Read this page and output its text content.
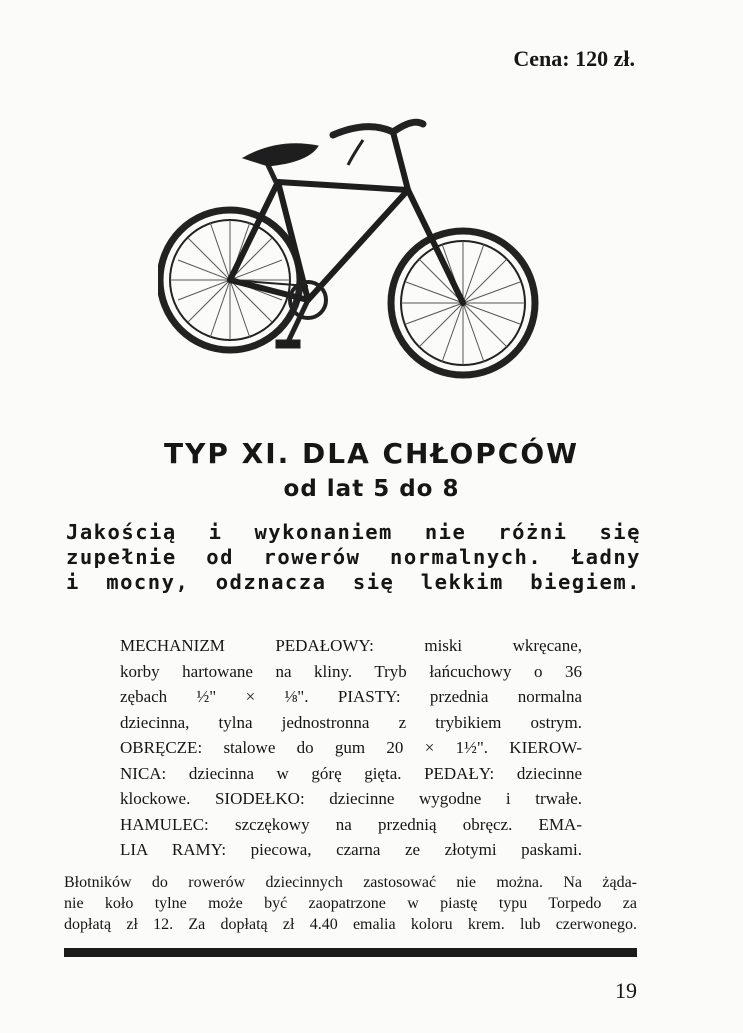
Cena: 120 zł.
TYP XI. DLA CHŁOPCÓW
od lat 5 do 8
Jakością i wykonaniem nie różni się
zupełnie od rowerów normalnych. Ładny
i mocny, odznacza się lekkim biegiem.
MECHANIZM PEDAŁOWY: miski wkręcane,
korby hartowane na kliny. Tryb łańcuchowy o 36
zębach ½" × ⅛". PIASTY: przednia normalna
dziecinna, tylna jednostronna z trybikiem ostrym.
OBRĘCZE: stalowe do gum 20 × 1½". KIEROW-
NICA: dziecinna w górę gięta. PEDAŁY: dziecinne
klockowe. SIODEŁKO: dziecinne wygodne i trwałe.
HAMULEC: szczękowy na przednią obręcz. EMA-
LIA RAMY: piecowa, czarna ze złotymi paskami.
Błotników do rowerów dziecinnych zastosować nie można. Na żąda-
nie koło tylne może być zaopatrzone w piastę typu Torpedo za
dopłatą zł 12. Za dopłatą zł 4.40 emalia koloru krem. lub czerwonego.
19
